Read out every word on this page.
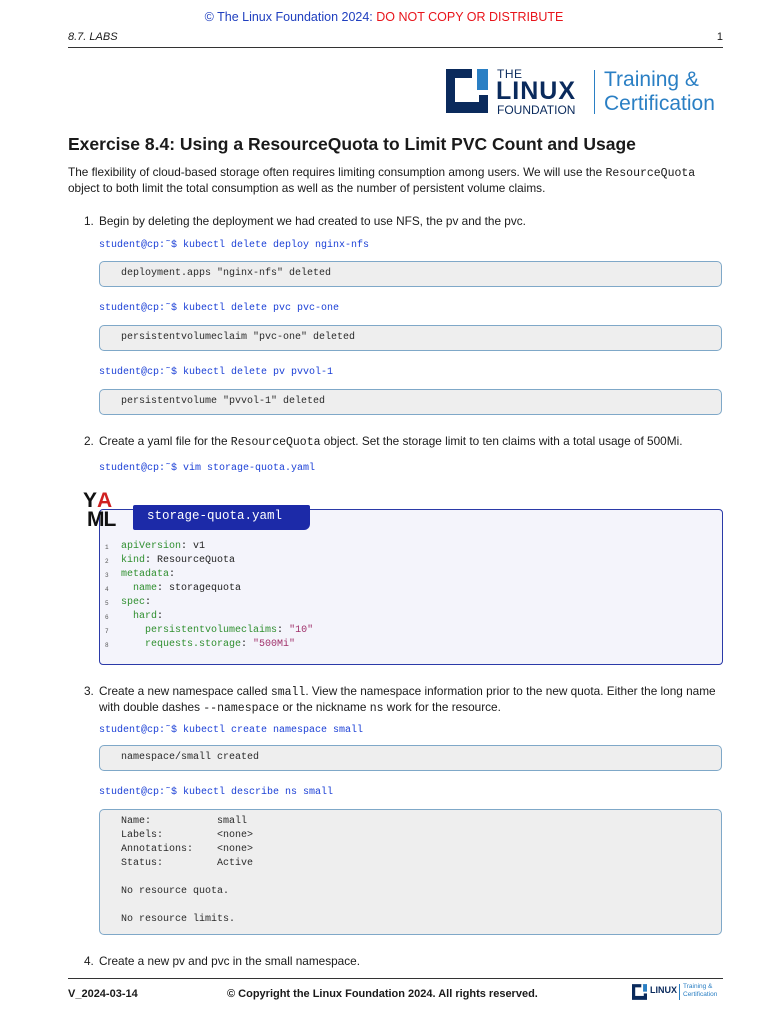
© The Linux Foundation 2024: DO NOT COPY OR DISTRIBUTE
8.7. LABS	1
THE
LINUX
FOUNDATION
Training &
Certification
Exercise 8.4: Using a ResourceQuota to Limit PVC Count and Usage
The flexibility of cloud-based storage often requires limiting consumption among users. We will use the ResourceQuota object to both limit the total consumption as well as the number of persistent volume claims.
1. Begin by deleting the deployment we had created to use NFS, the pv and the pvc.
student@cp:˜$ kubectl delete deploy nginx-nfs
deployment.apps "nginx-nfs" deleted
student@cp:˜$ kubectl delete pvc pvc-one
persistentvolumeclaim "pvc-one" deleted
student@cp:˜$ kubectl delete pv pvvol-1
persistentvolume "pvvol-1" deleted
2. Create a yaml file for the ResourceQuota object. Set the storage limit to ten claims with a total usage of 500Mi.
student@cp:˜$ vim storage-quota.yaml
Y A
ML	storage-quota.yaml

1

apiVersion: v1

2

kind: ResourceQuota

3

metadata:

4

	name: storagequota

5

spec:

6

	hard:

7

	persistentvolumeclaims: "10"

8

	requests.storage: "500Mi"

3. Create a new namespace called small. View the namespace information prior to the new quota. Either the long name
with double dashes --namespace or the nickname ns work for the resource.
student@cp:˜$ kubectl create namespace small
namespace/small created
student@cp:˜$ kubectl describe ns small
Name:           small
Labels:         <none>
Annotations:    <none>
Status:         Active
No resource quota.
No resource limits.
4. Create a new pv and pvc in the small namespace.
V_2024-03-14	© Copyright the Linux Foundation 2024. All rights reserved.	LINUX Training &
Certification
